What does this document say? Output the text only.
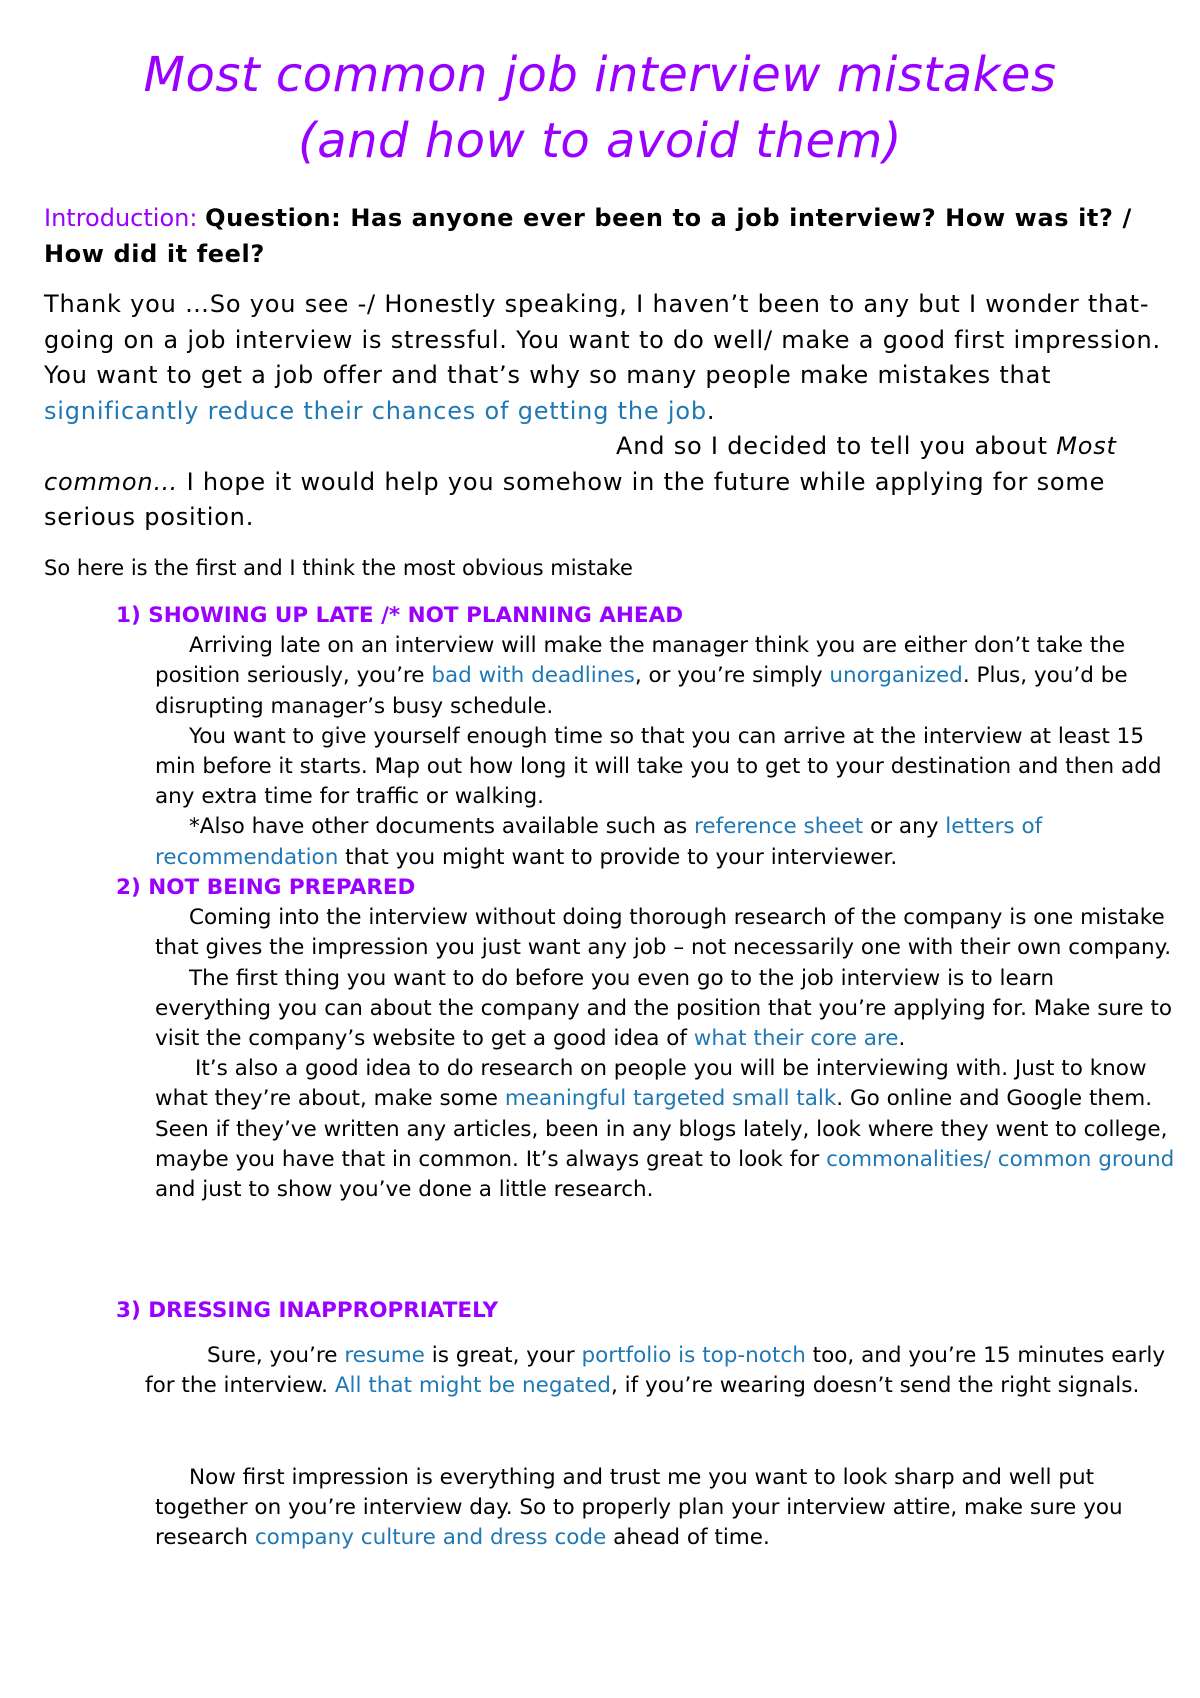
Most common job interview mistakes
(and how to avoid them)
Introduction: Question: Has anyone ever been to a job interview? How was it? / How did it feel?
Thank you …So you see -/ Honestly speaking, I haven’t been to any but I wonder that- going on a job interview is stressful. You want to do well/ make a good first impression. You want to get a job offer and that’s why so many people make mistakes that significantly reduce their chances of getting the job.And so I decided to tell you about Most common… I hope it would help you somehow in the future while applying for some serious position.
So here is the first and I think the most obvious mistake

1) SHOWING UP LATE /* NOT PLANNING AHEAD

Arriving late on an interview will make the manager think you are either don’t take the position seriously, you’re bad with deadlines, or you’re simply unorganized. Plus, you’d be disrupting manager’s busy schedule.

You want to give yourself enough time so that you can arrive at the interview at least 15 min before it starts. Map out how long it will take you to get to your destination and then add any extra time for traffic or walking.

*Also have other documents available such as reference sheet or any letters of recommendation that you might want to provide to your interviewer.

2) NOT BEING PREPARED

Coming into the interview without doing thorough research of the company is one mistake that gives the impression you just want any job – not necessarily one with their own company.

The first thing you want to do before you even go to the job interview is to learn everything you can about the company and the position that you’re applying for. Make sure to visit the company’s website to get a good idea of what their core are.

It’s also a good idea to do research on people you will be interviewing with. Just to know what they’re about, make some meaningful targeted small talk. Go online and Google them. Seen if they’ve written any articles, been in any blogs lately, look where they went to college, maybe you have that in common. It’s always great to look for commonalities/ common ground and just to show you’ve done a little research.

3) DRESSING INAPPROPRIATELY

Sure, you’re resume is great, your portfolio is top-notch too, and you’re 15 minutes early for the interview. All that might be negated, if you’re wearing doesn’t send the right signals.
Now first impression is everything and trust me you want to look sharp and well put together on you’re interview day. So to properly plan your interview attire, make sure you research company culture and dress code ahead of time.
